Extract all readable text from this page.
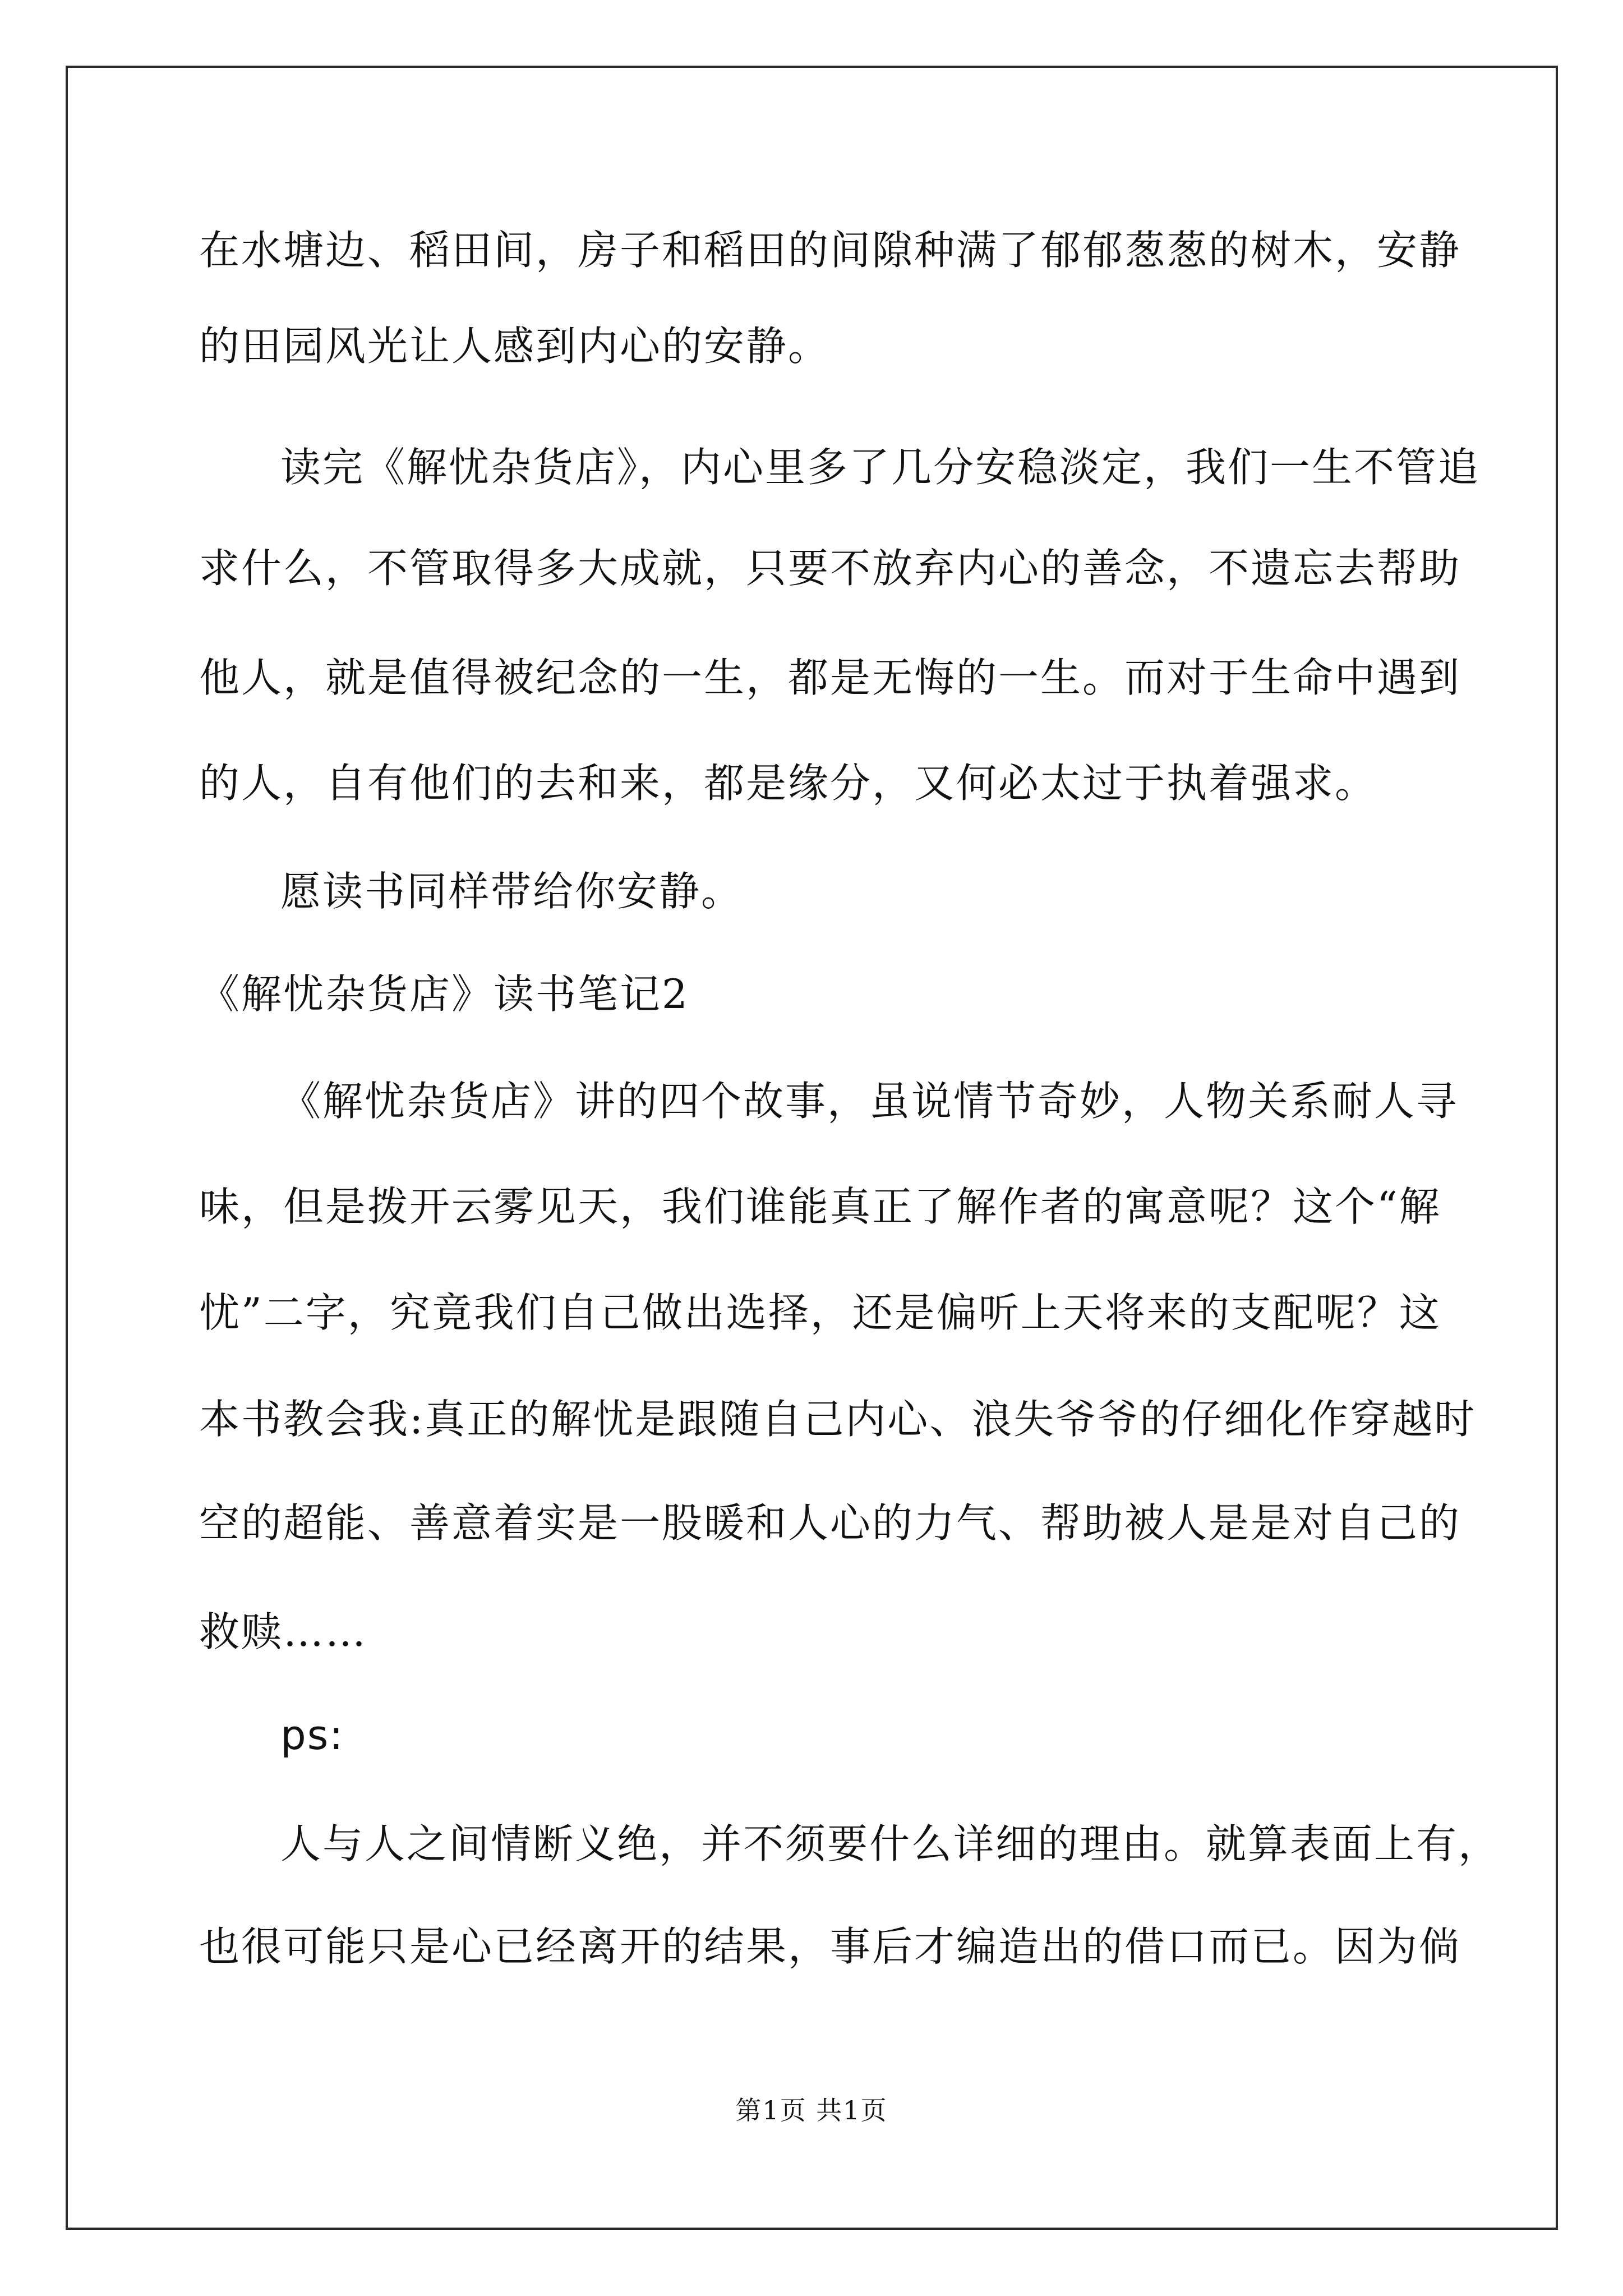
在水塘边、稻田间，房子和稻田的间隙种满了郁郁葱葱的树木，安静
的田园风光让人感到内心的安静。
读完《解忧杂货店》，内心里多了几分安稳淡定，我们一生不管追
求什么，不管取得多大成就，只要不放弃内心的善念，不遗忘去帮助
他人，就是值得被纪念的一生，都是无悔的一生。而对于生命中遇到
的人，自有他们的去和来，都是缘分，又何必太过于执着强求。
愿读书同样带给你安静。
《解忧杂货店》读书笔记2
《解忧杂货店》讲的四个故事，虽说情节奇妙，人物关系耐人寻
味，但是拨开云雾见天，我们谁能真正了解作者的寓意呢？这个“解
忧”二字，究竟我们自己做出选择，还是偏听上天将来的支配呢？这
本书教会我:真正的解忧是跟随自己内心、浪失爷爷的仔细化作穿越时
空的超能、善意着实是一股暖和人心的力气、帮助被人是是对自己的
救赎……
ps:
人与人之间情断义绝，并不须要什么详细的理由。就算表面上有，
也很可能只是心已经离开的结果，事后才编造出的借口而已。因为倘
第1页 共1页
